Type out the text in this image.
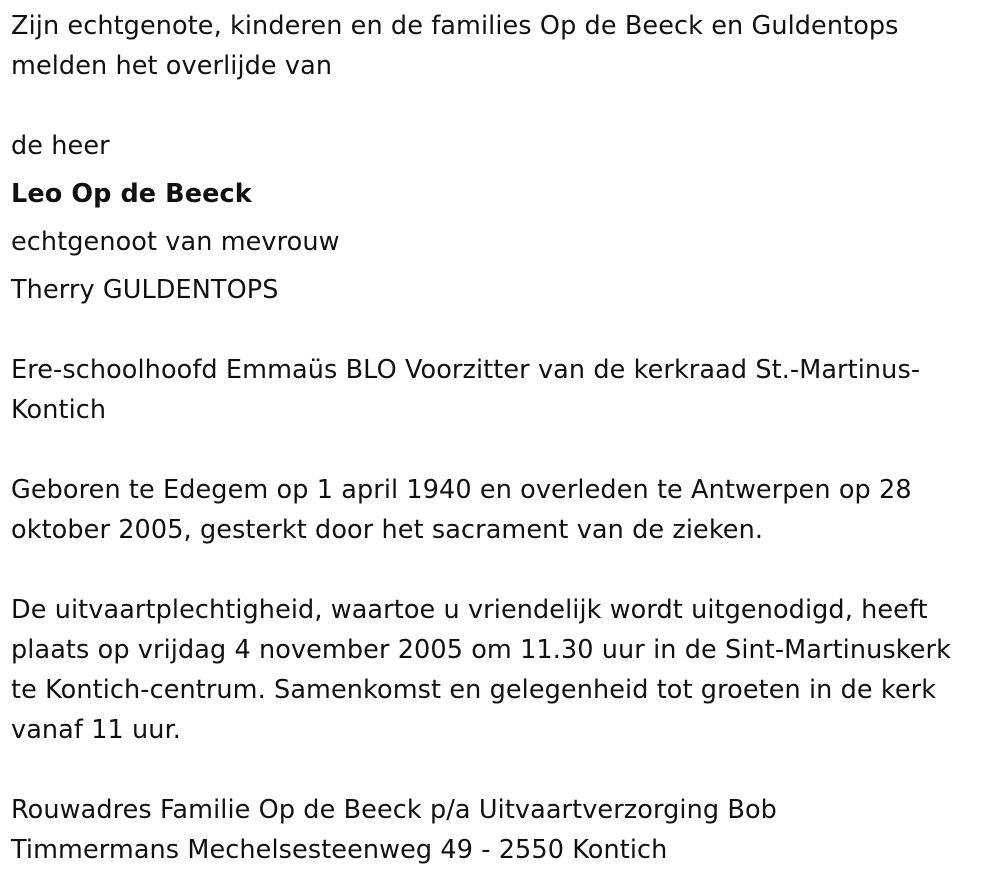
Zijn echtgenote, kinderen en de families Op de Beeck en Guldentops
melden het overlijde van
de heer
Leo Op de Beeck
echtgenoot van mevrouw
Therry GULDENTOPS
Ere-schoolhoofd Emmaüs BLO Voorzitter van de kerkraad St.-Martinus-
Kontich
Geboren te Edegem op 1 april 1940 en overleden te Antwerpen op 28
oktober 2005, gesterkt door het sacrament van de zieken.
De uitvaartplechtigheid, waartoe u vriendelijk wordt uitgenodigd, heeft
plaats op vrijdag 4 november 2005 om 11.30 uur in de Sint-Martinuskerk
te Kontich-centrum. Samenkomst en gelegenheid tot groeten in de kerk
vanaf 11 uur.
Rouwadres Familie Op de Beeck p/a Uitvaartverzorging Bob
Timmermans Mechelsesteenweg 49 - 2550 Kontich
